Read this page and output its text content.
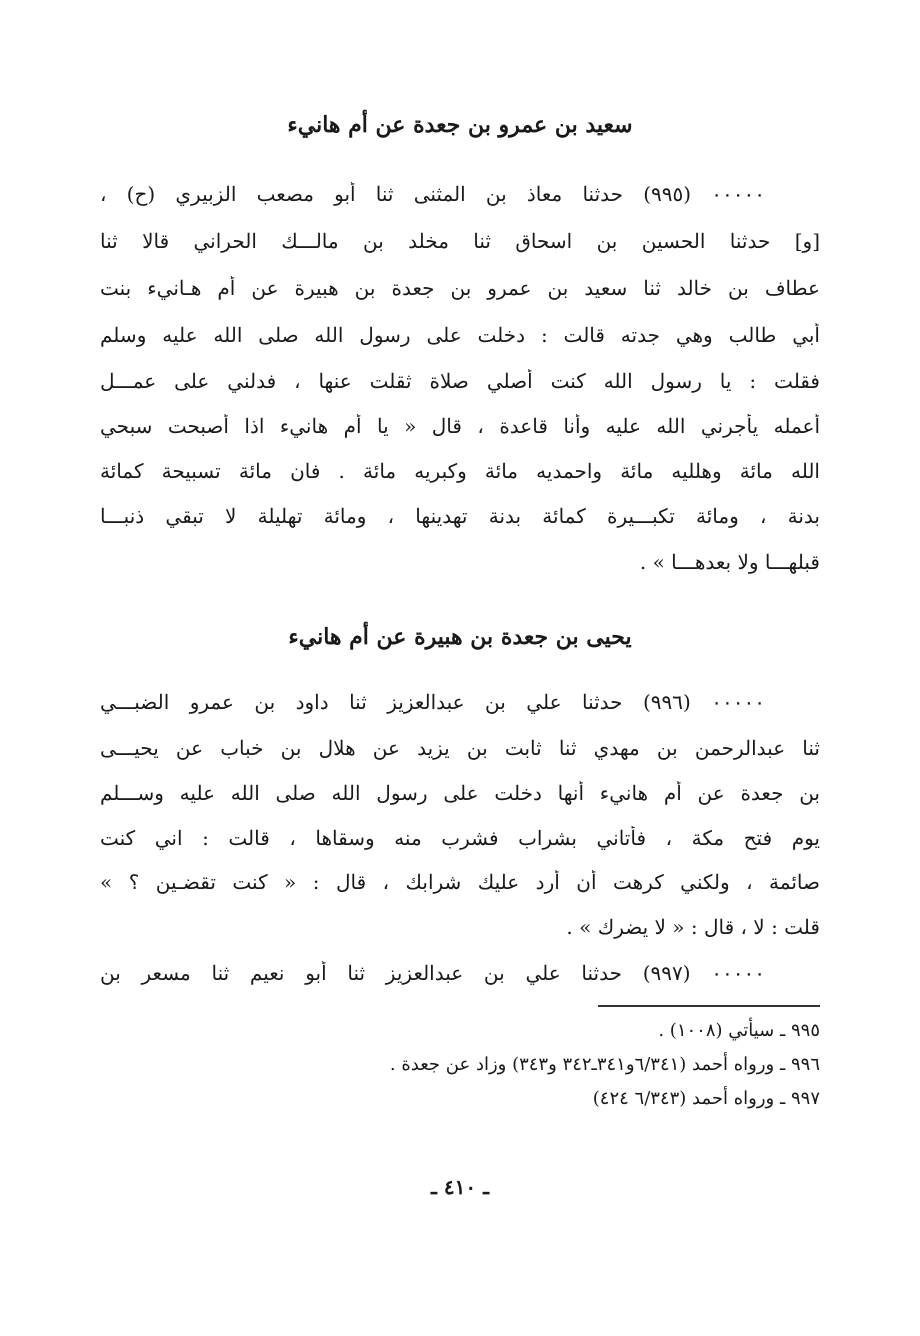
سعيد بن عمرو بن جعدة عن أم هانيء
٠٠٠٠٠ (٩٩٥) حدثنا معاذ بن المثنى ثنا أبو مصعب الزبيري (ح) ،
[و] حدثنا الحسين بن اسحاق ثنا مخلد بن مالـــك الحراني قالا ثنا
عطاف بن خالد ثنا سعيد بن عمرو بن جعدة بن هبيرة عن أم هـانيء بنت
أبي طالب وهي جدته قالت : دخلت على رسول الله صلى الله عليه وسلم
فقلت : يا رسول الله كنت أصلي صلاة ثقلت عنها ، فدلني على عمـــل
أعمله يأجرني الله عليه وأنا قاعدة ، قال « يا أم هانيء اذا أصبحت سبحي
الله مائة وهلليه مائة واحمديه مائة وكبريه مائة . فان مائة تسبيحة كمائة
بدنة ، ومائة تكبـــيرة كمائة بدنة تهدينها ، ومائة تهليلة لا تبقي ذنبـــا
قبلهـــا ولا بعدهـــا » .
يحيى بن جعدة بن هبيرة عن أم هانيء
٠٠٠٠٠ (٩٩٦) حدثنا علي بن عبدالعزيز ثنا داود بن عمرو الضبـــي
ثنا عبدالرحمن بن مهدي ثنا ثابت بن يزيد عن هلال بن خباب عن يحيـــى
بن جعدة عن أم هانيء أنها دخلت على رسول الله صلى الله عليه وســـلم
يوم فتح مكة ، فأتاني بشراب فشرب منه وسقاها ، قالت : اني كنت
صائمة ، ولكني كرهت أن أرد عليك شرابك ، قال : « كنت تقضـين ؟ »
قلت : لا ، قال : « لا يضرك » .
٠٠٠٠٠ (٩٩٧) حدثنا علي بن عبدالعزيز ثنا أبو نعيم ثنا مسعر بن
٩٩٥ ـ سيأتي (١٠٠٨) .
٩٩٦ ـ ورواه أحمد (٦/٣٤١و٣٤١ـ٣٤٢ و٣٤٣) وزاد عن جعدة .
٩٩٧ ـ ورواه أحمد (٦/٣٤٣ ٤٢٤)
ـ ٤١٠ ـ
